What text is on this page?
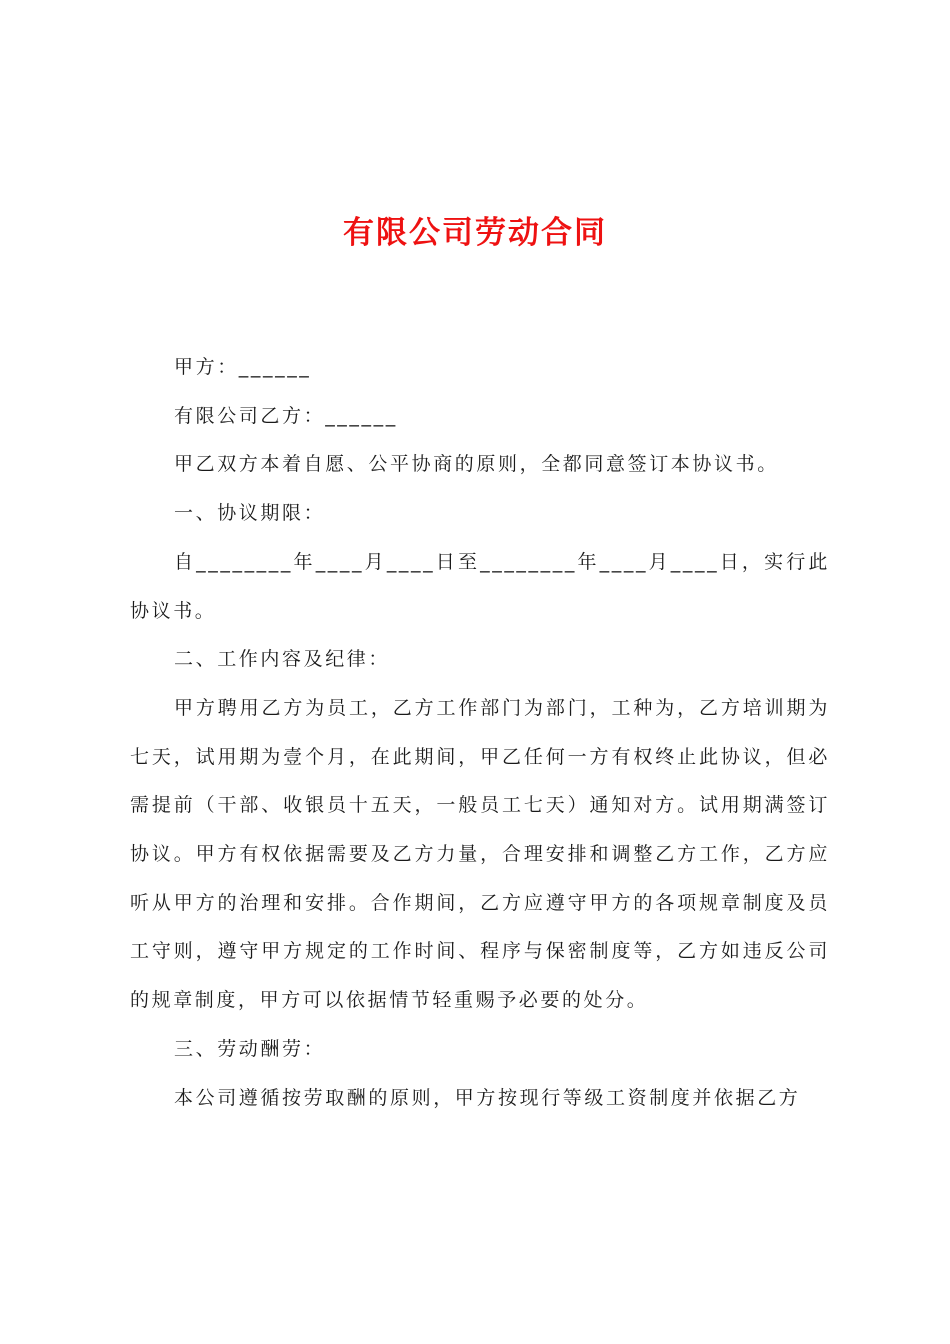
有限公司劳动合同

甲方：______

有限公司乙方：______

甲乙双方本着自愿、公平协商的原则，全都同意签订本协议书。

一、协议期限：

自________年____月____日至________年____月____日，实行此协议书。

二、工作内容及纪律：

甲方聘用乙方为员工，乙方工作部门为部门，工种为，乙方培训期为七天，试用期为壹个月，在此期间，甲乙任何一方有权终止此协议，但必需提前（干部、收银员十五天，一般员工七天）通知对方。试用期满签订协议。甲方有权依据需要及乙方力量，合理安排和调整乙方工作，乙方应听从甲方的治理和安排。合作期间，乙方应遵守甲方的各项规章制度及员工守则，遵守甲方规定的工作时间、程序与保密制度等，乙方如违反公司的规章制度，甲方可以依据情节轻重赐予必要的处分。

三、劳动酬劳：

本公司遵循按劳取酬的原则，甲方按现行等级工资制度并依据乙方
